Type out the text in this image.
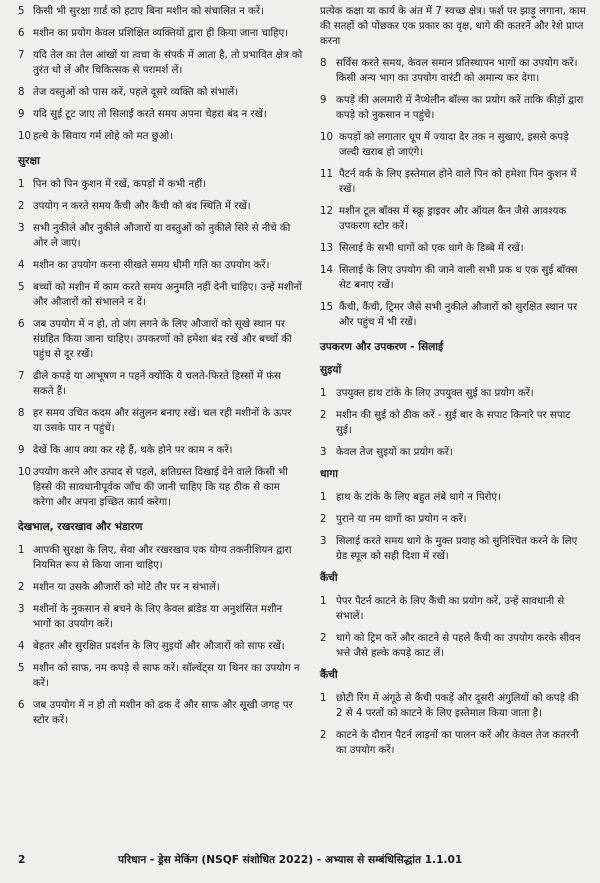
5 किसी भी सुरक्षा गार्ड को हटाए बिना मशीन को संचालित न करें।
6 मशीन का प्रयोग केवल प्रशिक्षित व्यक्तियों द्वारा ही किया जाना चाहिए।
7 यदि तेल का तेल आंखों या त्वचा के संपर्क में आता है, तो प्रभावित क्षेत्र को तुरंत धो लें और चिकित्सक से परामर्श लें।
8 तेज वस्तुओं को पास करें, पहले दूसरे व्यक्ति को संभालें।
9 यदि सुई टूट जाए तो सिलाई करते समय अपना चेहरा बंद न रखें।
10 हत्थे के सिवाय गर्म लोहे को मत छुओ।
सुरक्षा
1 पिन को पिन कुशन में रखें, कपड़ों में कभी नहीं।
2 उपयोग न करते समय कैंची और कैंची को बंद स्थिति में रखें।
3 सभी नुकीले और नुकीले औजारों या वस्तुओं को नुकीले सिरे से नीचे की ओर ले जाएं।
4 मशीन का उपयोग करना सीखते समय धीमी गति का उपयोग करें।
5 बच्चों को मशीन में काम करते समय अनुमति नहीं देनी चाहिए। उन्हें मशीनों और औजारों को संभालने न दें।
6 जब उपयोग में न हो, तो जंग लगने के लिए औजारों को सूखे स्थान पर संग्रहित किया जाना चाहिए। उपकरणों को हमेशा बंद रखें और बच्चों की पहुंच से दूर रखें।
7 ढीले कपड़े या आभूषण न पहनें क्योंकि ये चलते-फिरते हिस्सों में फंस सकते हैं।
8 हर समय उचित कदम और संतुलन बनाए रखें। चल रही मशीनों के ऊपर या उसके पार न पहुंचें।
9 देखें कि आप क्या कर रहे हैं, थके होने पर काम न करें।
10 उपयोग करने और उत्पाद से पहले, क्षतिग्रस्त दिखाई देने वाले किसी भी हिस्से की सावधानीपूर्वक जाँच की जानी चाहिए कि यह ठीक से काम करेगा और अपना इच्छित कार्य करेगा।
देखभाल, रखरखाव और भंडारण
1 आपकी सुरक्षा के लिए, सेवा और रखरखाव एक योग्य तकनीशियन द्वारा नियमित रूप से किया जाना चाहिए।
2 मशीन या उसके औजारों को मोटे तौर पर न संभालें।
3 मशीनों के नुकसान से बचने के लिए केवल ब्रांडेड या अनुशंसित मशीन भागों का उपयोग करें।
4 बेहतर और सुरक्षित प्रदर्शन के लिए सुइयों और औजारों को साफ रखें।
5 मशीन को साफ, नम कपड़े से साफ करें। सॉल्वेंट्स या थिनर का उपयोग न करें।
6 जब उपयोग में न हो तो मशीन को ढक दें और साफ और सूखी जगह पर स्टोर करें।
प्रत्येक कक्षा या कार्य के अंत में 7 स्वच्छ क्षेत्र। फर्श पर झाड़ू लगाना, काम की सतहों को पोंछकर एक प्रकार का वृक्ष, धागे की कतरनें और रेशे प्राप्त करना
8 सर्विस करते समय, केवल समान प्रतिस्थापन भागों का उपयोग करें। किसी अन्य भाग का उपयोग वारंटी को अमान्य कर देगा।
9 कपड़े की अलमारी में नैप्थेलीन बॉल्स का प्रयोग करें ताकि कीड़ों द्वारा कपड़े को नुकसान न पहुंचे।
10 कपड़ों को लगातार धूप में ज्यादा देर तक न सुखाएं, इससे कपड़े जल्दी खराब हो जाएंगे।
11 पैटर्न वर्क के लिए इस्तेमाल होने वाले पिन को हमेशा पिन कुशन में रखें।
12 मशीन टूल बॉक्स में स्क्रू ड्राइवर और ऑयल कैन जैसे आवश्यक उपकरण स्टोर करें।
13 सिलाई के सभी धागों को एक धागे के डिब्बे में रखें।
14 सिलाई के लिए उपयोग की जाने वाली सभी प्रक ध एक सुई बॉक्स सेट बनाए रखें।
15 कैंची, कैंची, ट्रिमर जैसे सभी नुकीले औजारों को सुरक्षित स्थान पर और पहुंच में भी रखें।
उपकरण और उपकरण - सिलाई
सुइयों
1 उपयुक्त हाथ टांके के लिए उपयुक्त सुई का प्रयोग करें।
2 मशीन की सुई को ठीक करें - सुई बार के सपाट किनारे पर सपाट सुई।
3 केवल तेज सुइयों का प्रयोग करें।
धागा
1 हाथ के टांके के लिए बहुत लंबे धागे न पिरोएं।
2 पुराने या नम धागों का प्रयोग न करें।
3 सिलाई करते समय धागे के मुक्त प्रवाह को सुनिश्चित करने के लिए ग्रेड स्पूल को सही दिशा में रखें।
कैंची
1 पेपर पैटर्न काटने के लिए कैंची का प्रयोग करें, उन्हें सावधानी से संभालें।
2 धागे को ट्रिम करें और काटने से पहले कैंची का उपयोग करके सीवन भत्ते जैसे हल्के कपड़े काट लें।
कैंची
1 छोटी रिंग में अंगूठे से कैंची पकड़ें और दूसरी अंगुलियों को कपड़े की 2 से 4 परतों को काटने के लिए इस्तेमाल किया जाता है।
2 काटने के दौरान पैटर्न लाइनों का पालन करें और केवल तेज कतरनी का उपयोग करें।
2	परिधान - ड्रेस मेकिंग (NSQF संशोधित 2022) - अभ्यास से सम्बंधिसिद्धांत 1.1.01
